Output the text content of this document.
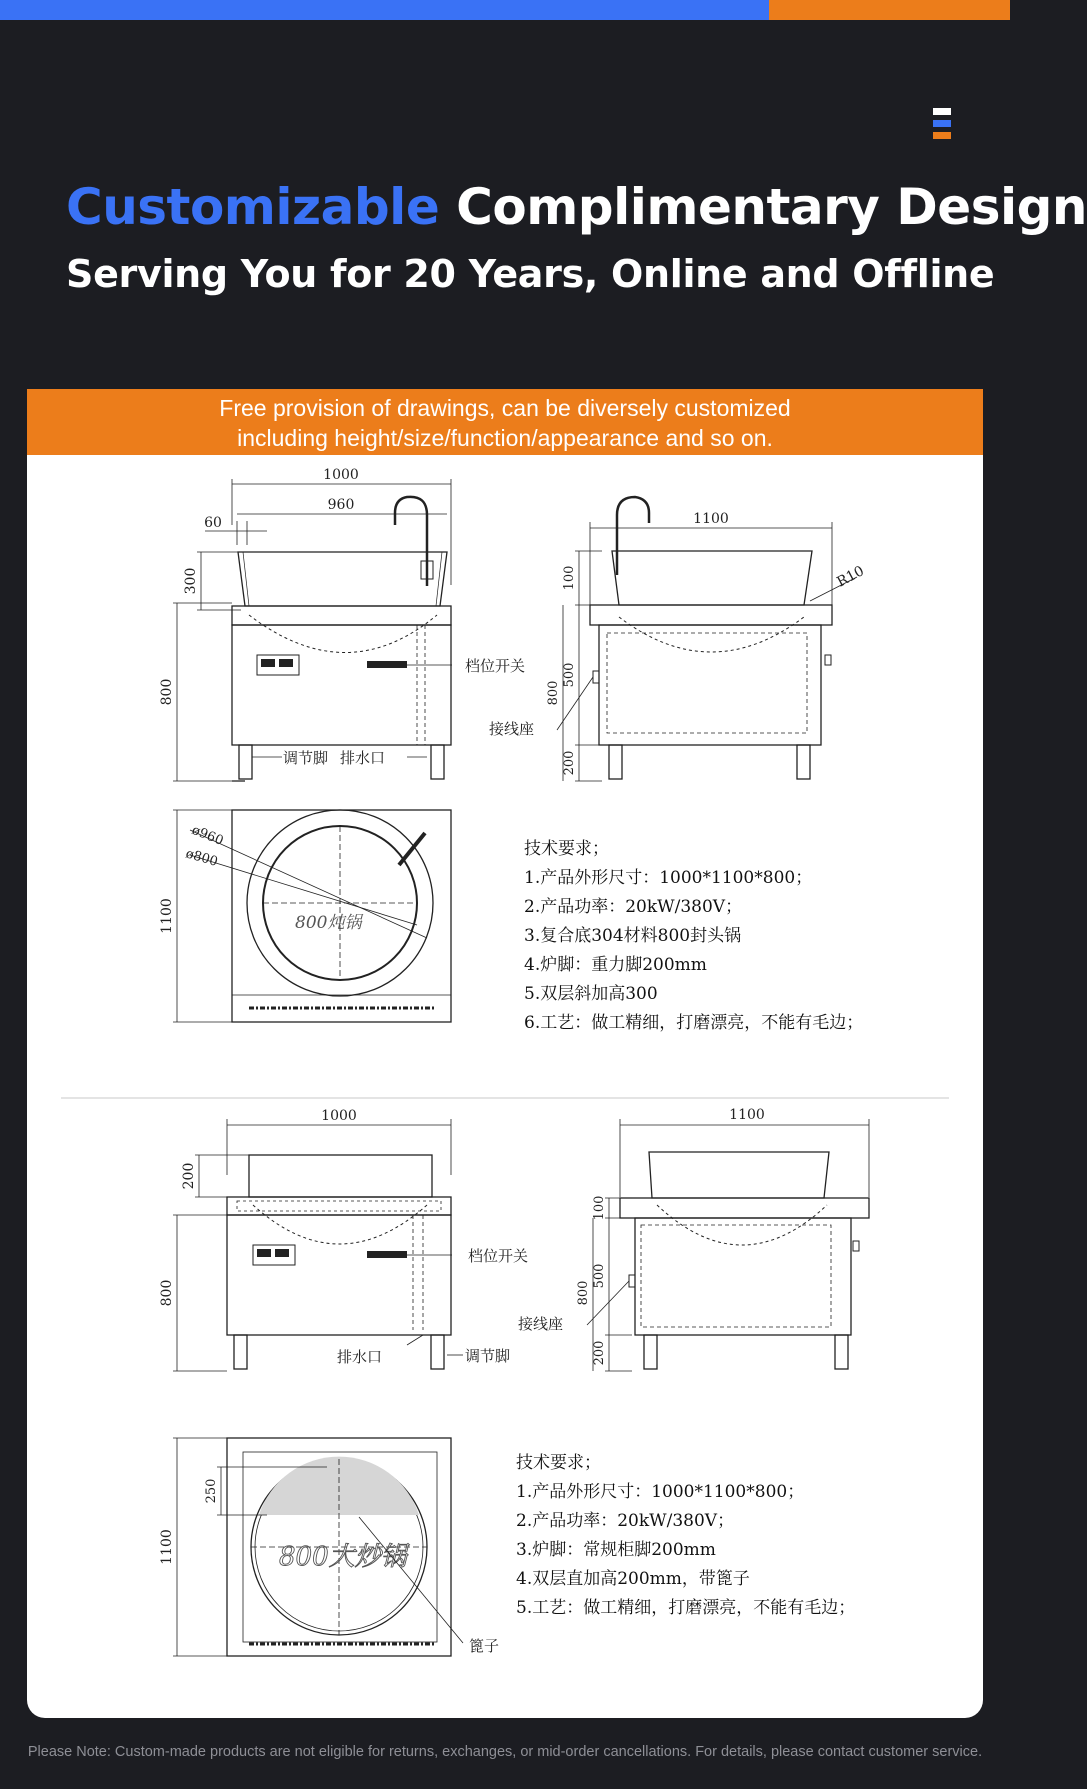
Customizable Complimentary Design
Serving You for 20 Years, Online and Offline
Free provision of drawings, can be diversely customized
including height/size/function/appearance and so on.
1000
960
60
300
800
调节脚 排水口
档位开关
1100
R10
100
500
200
800
接线座
ø960
ø800
800炖锅
1100
技术要求；
1.产品外形尺寸：1000*1100*800；
2.产品功率：20kW/380V；
3.复合底304材料800封头锅
4.炉脚：重力脚200mm
5.双层斜加高300
6.工艺：做工精细，打磨漂亮，不能有毛边；
1000
200
800
排水口	调节脚
档位开关
1100
100
500
200
800
接线座
250
800大炒锅
篦子
1100
技术要求；
1.产品外形尺寸：1000*1100*800；
2.产品功率：20kW/380V；
3.炉脚：常规柜脚200mm
4.双层直加高200mm，带篦子
5.工艺：做工精细，打磨漂亮，不能有毛边；
Please Note: Custom-made products are not eligible for returns, exchanges, or mid-order cancellations. For details, please contact customer service.
